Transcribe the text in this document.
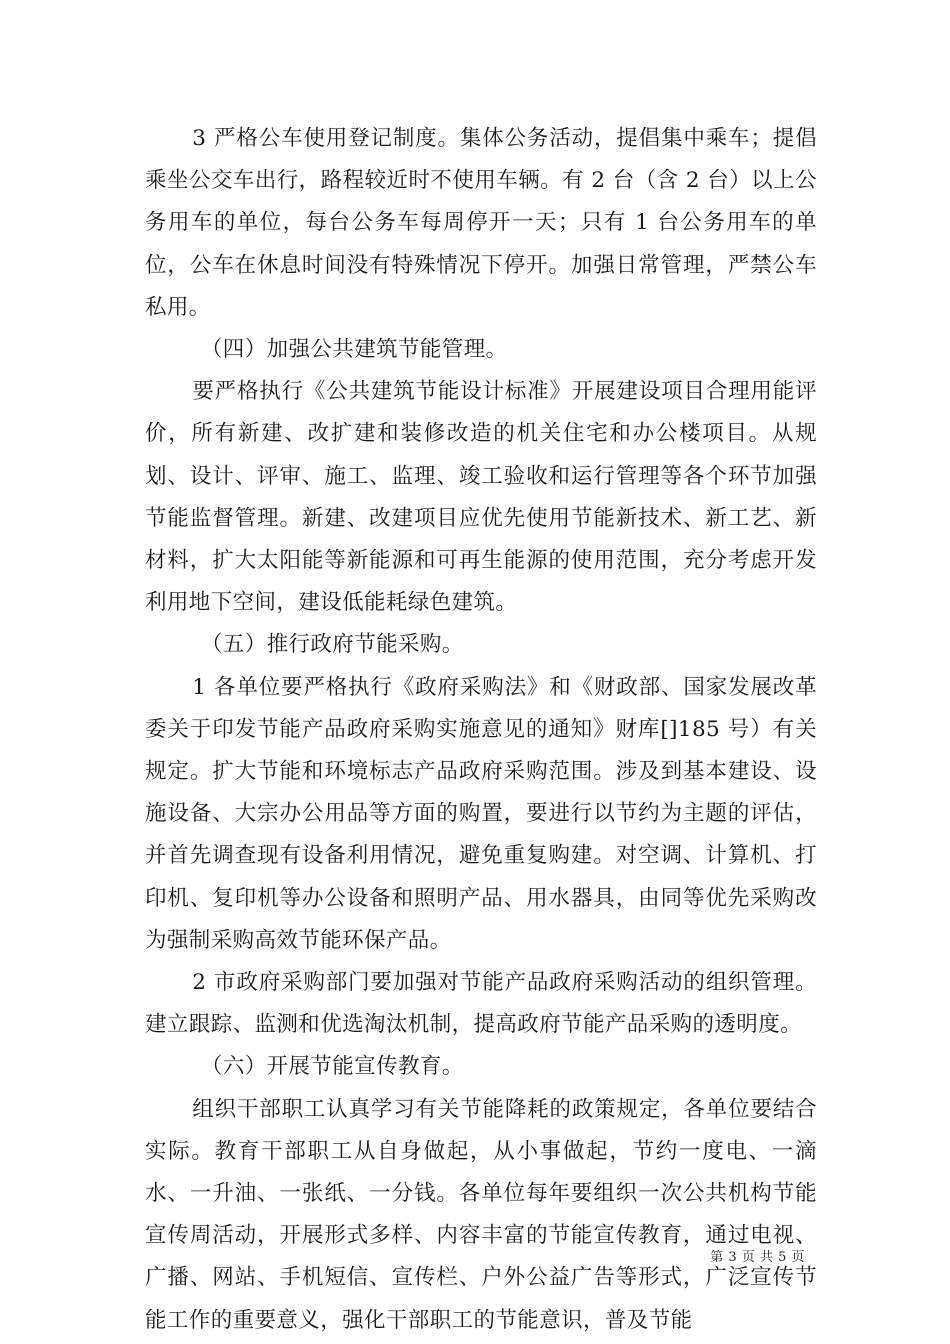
3 严格公车使用登记制度。集体公务活动，提倡集中乘车；提倡乘坐公交车出行，路程较近时不使用车辆。有 2 台（含 2 台）以上公务用车的单位，每台公务车每周停开一天；只有 1 台公务用车的单位，公车在休息时间没有特殊情况下停开。加强日常管理，严禁公车私用。

（四）加强公共建筑节能管理。

要严格执行《公共建筑节能设计标准》开展建设项目合理用能评价，所有新建、改扩建和装修改造的机关住宅和办公楼项目。从规划、设计、评审、施工、监理、竣工验收和运行管理等各个环节加强节能监督管理。新建、改建项目应优先使用节能新技术、新工艺、新材料，扩大太阳能等新能源和可再生能源的使用范围，充分考虑开发利用地下空间，建设低能耗绿色建筑。

（五）推行政府节能采购。

1 各单位要严格执行《政府采购法》和《财政部、国家发展改革委关于印发节能产品政府采购实施意见的通知》财库[]185 号）有关规定。扩大节能和环境标志产品政府采购范围。涉及到基本建设、设施设备、大宗办公用品等方面的购置，要进行以节约为主题的评估，并首先调查现有设备利用情况，避免重复购建。对空调、计算机、打印机、复印机等办公设备和照明产品、用水器具，由同等优先采购改为强制采购高效节能环保产品。

2 市政府采购部门要加强对节能产品政府采购活动的组织管理。建立跟踪、监测和优选淘汰机制，提高政府节能产品采购的透明度。

（六）开展节能宣传教育。

组织干部职工认真学习有关节能降耗的政策规定，各单位要结合实际。教育干部职工从自身做起，从小事做起，节约一度电、一滴水、一升油、一张纸、一分钱。各单位每年要组织一次公共机构节能宣传周活动，开展形式多样、内容丰富的节能宣传教育，通过电视、广播、网站、手机短信、宣传栏、户外公益广告等形式，广泛宣传节能工作的重要意义，强化干部职工的节能意识，普及节能

第 3 页 共 5 页
